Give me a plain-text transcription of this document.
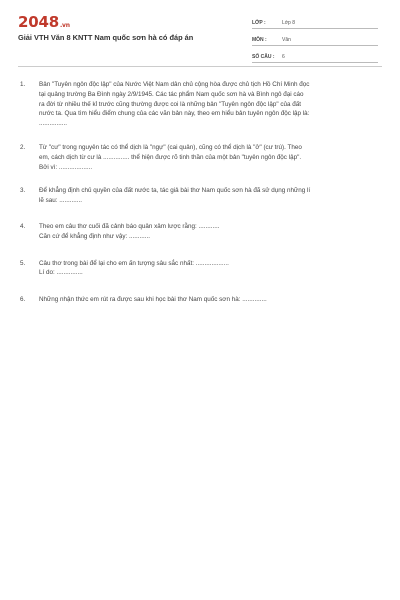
2048.vn
Giải VTH Văn 8 KNTT Nam quốc sơn hà có đáp án
LỚP :	Lớp 8
MÔN :	Văn
SỐ CÂU :	6
1.	Bản "Tuyên ngôn độc lập" của Nước Việt Nam dân chủ cộng hòa được chủ tịch Hồ Chí Minh đọc
tại quảng trường Ba Đình ngày 2/9/1945. Các tác phẩm Nam quốc sơn hà và Bình ngô đại cáo
ra đời từ nhiều thế kỉ trước cũng thường được coi là những bản "Tuyên ngôn độc lập" của đất
nước ta. Qua tìm hiểu điểm chung của các văn bản này, theo em hiểu bản tuyên ngôn độc lập là:
................
2.	Từ "cư" trong nguyên tác có thể dịch là "ngự" (cai quản), cũng có thể dịch là "ở" (cư trú). Theo
em, cách dịch từ cư là ............... thể hiện được rõ tinh thần của một bản "tuyên ngôn độc lập".
Bởi vì: ...................
3.	Để khẳng định chủ quyền của đất nước ta, tác giả bài thơ Nam quốc sơn hà đã sử dụng những lí
lẽ sau: .............
4.	Theo em câu thơ cuối đã cảnh báo quân xâm lược rằng: ............
Căn cứ để khẳng định như vậy: ............
5.	Câu thơ trong bài để lại cho em ấn tượng sâu sắc nhất: ...................
Lí do: ...............
6.	Những nhận thức em rút ra được sau khi học bài thơ Nam quốc sơn hà: ..............
